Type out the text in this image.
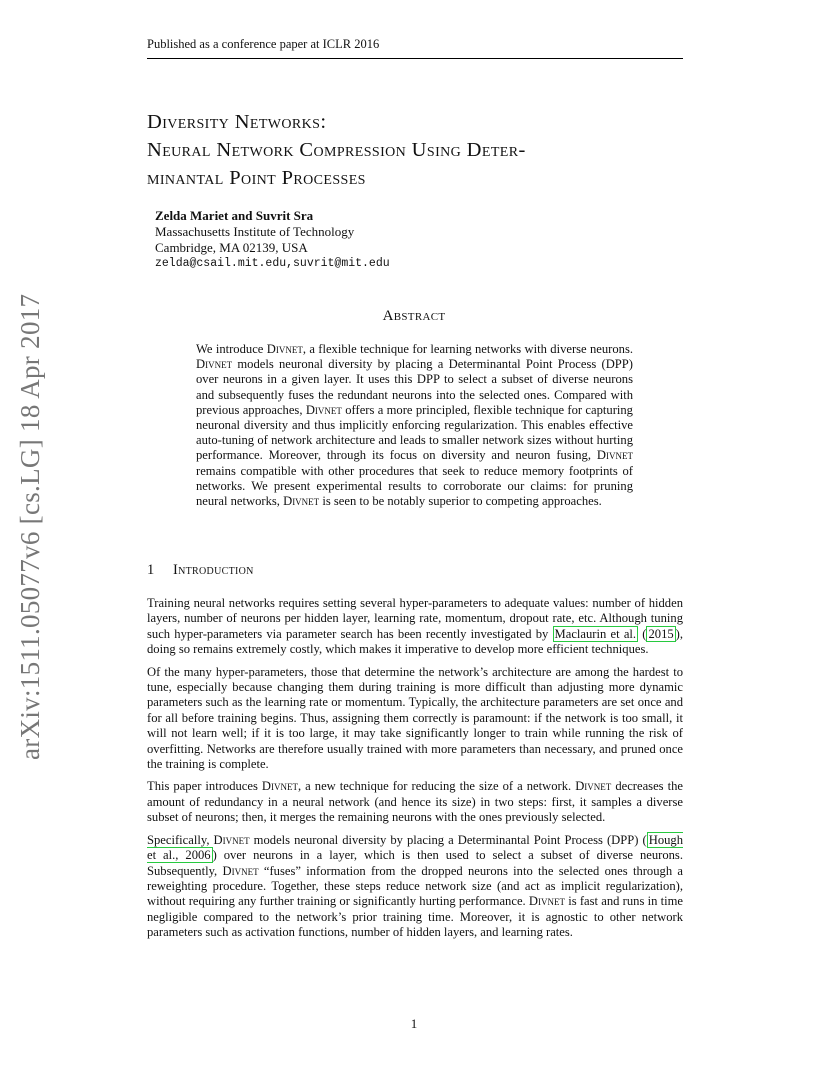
Published as a conference paper at ICLR 2016
arXiv:1511.05077v6 [cs.LG] 18 Apr 2017
Diversity Networks:
Neural Network Compression Using Deter-
minantal Point Processes
Zelda Mariet and Suvrit Sra
Massachusetts Institute of Technology
Cambridge, MA 02139, USA
zelda@csail.mit.edu,suvrit@mit.edu
Abstract
We introduce Divnet, a flexible technique for learning networks with diverse neurons. Divnet models neuronal diversity by placing a Determinantal Point Process (DPP) over neurons in a given layer. It uses this DPP to select a subset of diverse neurons and subsequently fuses the redundant neurons into the selected ones. Compared with previous approaches, Divnet offers a more principled, flexible technique for capturing neuronal diversity and thus implicitly enforcing regularization. This enables effective auto-tuning of network architecture and leads to smaller network sizes without hurting performance. Moreover, through its focus on diversity and neuron fusing, Divnet remains compatible with other procedures that seek to reduce memory footprints of networks. We present experimental results to corroborate our claims: for pruning neural networks, Divnet is seen to be notably superior to competing approaches.
1 Introduction

Training neural networks requires setting several hyper-parameters to adequate values: number of hidden layers, number of neurons per hidden layer, learning rate, momentum, dropout rate, etc. Although tuning such hyper-parameters via parameter search has been recently investigated by Maclaurin et al. ( 2015 ), doing so remains extremely costly, which makes it imperative to develop more efficient techniques.

Of the many hyper-parameters, those that determine the network’s architecture are among the hardest to tune, especially because changing them during training is more difficult than adjusting more dynamic parameters such as the learning rate or momentum. Typically, the architecture parameters are set once and for all before training begins. Thus, assigning them correctly is paramount: if the network is too small, it will not learn well; if it is too large, it may take significantly longer to train while running the risk of overfitting. Networks are therefore usually trained with more parameters than necessary, and pruned once the training is complete.

This paper introduces Divnet, a new technique for reducing the size of a network. Divnet decreases the amount of redundancy in a neural network (and hence its size) in two steps: first, it samples a diverse subset of neurons; then, it merges the remaining neurons with the ones previously selected.

Specifically, Divnet models neuronal diversity by placing a Determinantal Point Process (DPP) ( Hough et al., 2006 ) over neurons in a layer, which is then used to select a subset of diverse neurons. Subsequently, Divnet “fuses” information from the dropped neurons into the selected ones through a reweighting procedure. Together, these steps reduce network size (and act as implicit regularization), without requiring any further training or significantly hurting performance. Divnet is fast and runs in time negligible compared to the network’s prior training time. Moreover, it is agnostic to other network parameters such as activation functions, number of hidden layers, and learning rates.

1
